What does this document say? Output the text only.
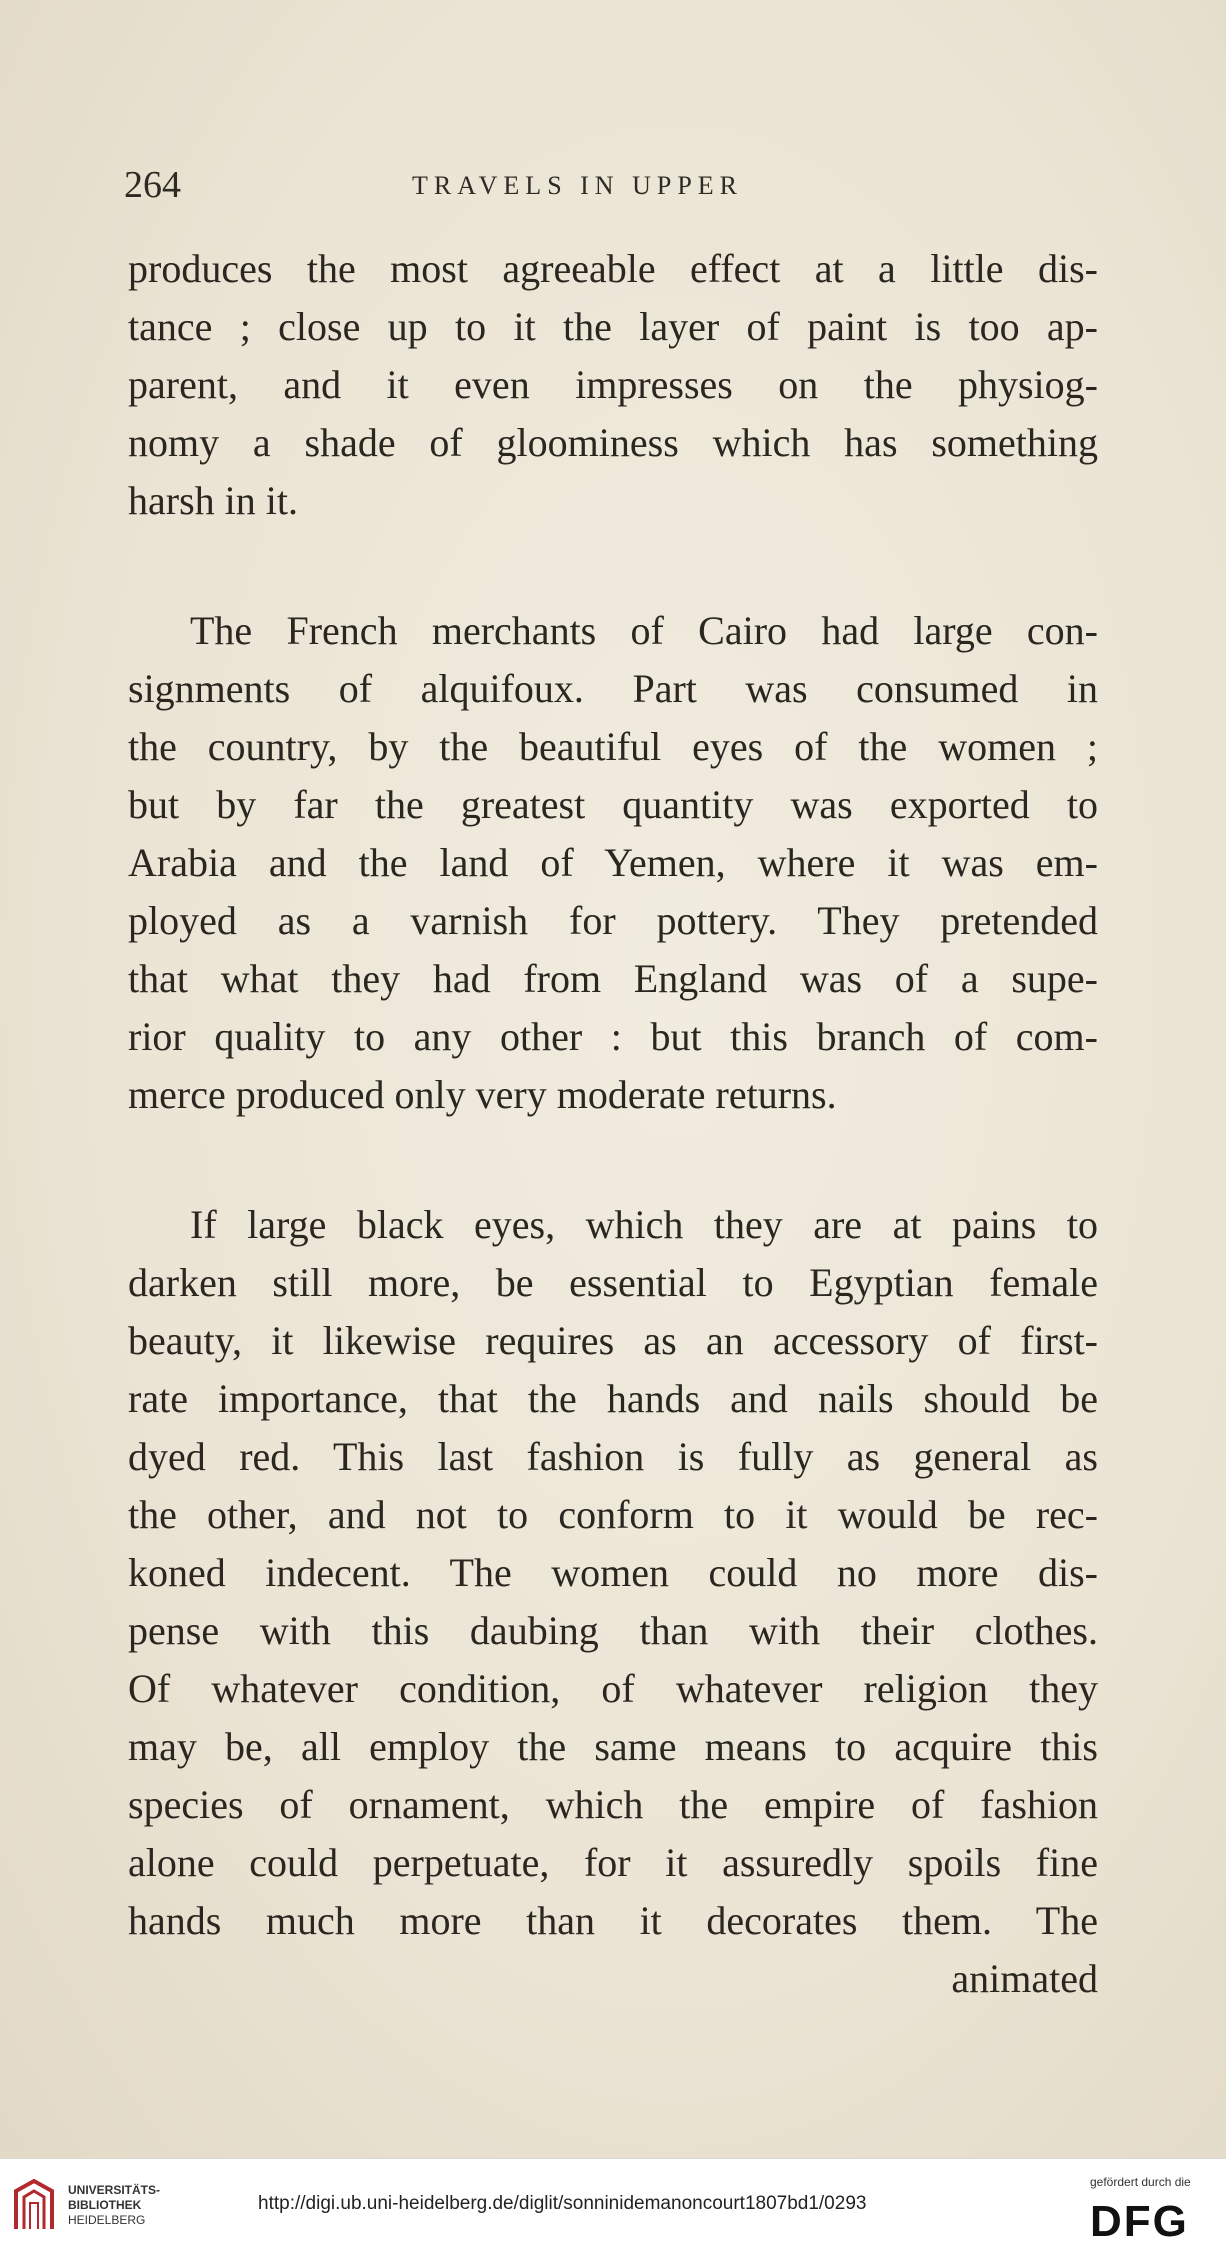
264	TRAVELS IN UPPER
produces the most agreeable effect at a little dis-
tance ; close up to it the layer of paint is too ap-
parent, and it even impresses on the physiog-
nomy a shade of gloominess which has something
harsh in it.
The French merchants of Cairo had large con-
signments of alquifoux. Part was consumed in
the country, by the beautiful eyes of the women ;
but by far the greatest quantity was exported to
Arabia and the land of Yemen, where it was em-
ployed as a varnish for pottery. They pretended
that what they had from England was of a supe-
rior quality to any other : but this branch of com-
merce produced only very moderate returns.
If large black eyes, which they are at pains to
darken still more, be essential to Egyptian female
beauty, it likewise requires as an accessory of first-
rate importance, that the hands and nails should be
dyed red. This last fashion is fully as general as
the other, and not to conform to it would be rec-
koned indecent. The women could no more dis-
pense with this daubing than with their clothes.
Of whatever condition, of whatever religion they
may be, all employ the same means to acquire this
species of ornament, which the empire of fashion
alone could perpetuate, for it assuredly spoils fine
hands much more than it decorates them. The
animated
UNIVERSITÄTS-
BIBLIOTHEK
HEIDELBERG
http://digi.ub.uni-heidelberg.de/diglit/sonninidemanoncourt1807bd1/0293
gefördert durch die
DFG
